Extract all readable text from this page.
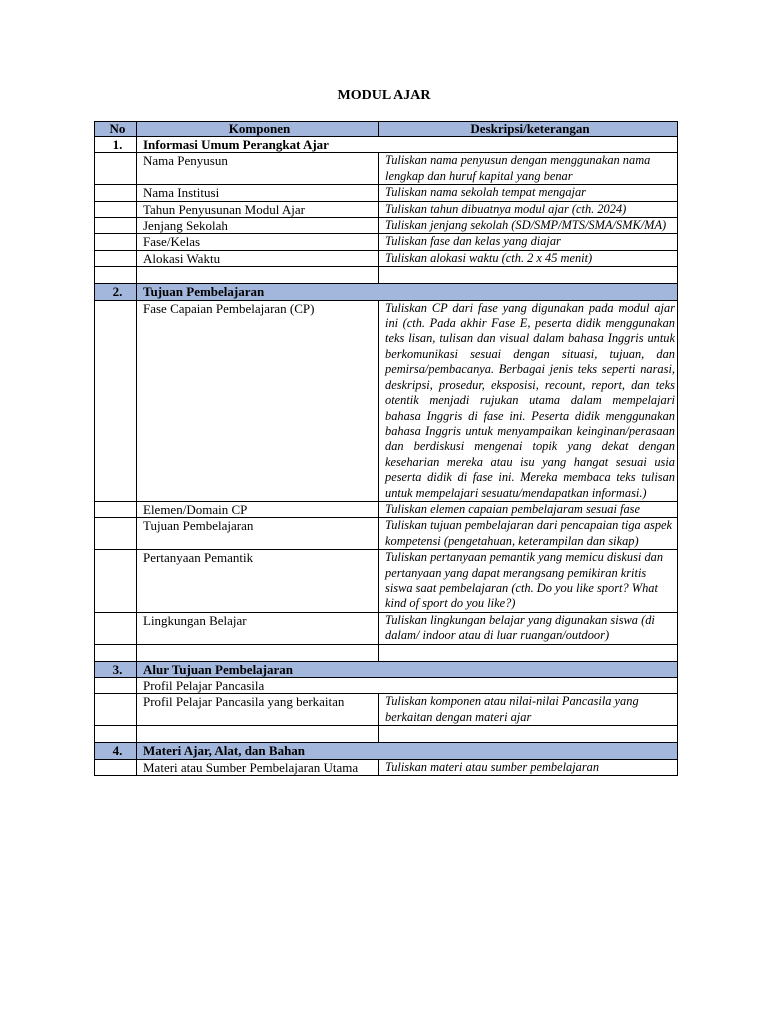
MODUL AJAR
No	Komponen	Deskripsi/keterangan
1.	Informasi Umum Perangkat Ajar	
	Nama Penyusun	Tuliskan nama penyusun dengan menggunakan nama lengkap dan huruf kapital yang benar
	Nama Institusi	Tuliskan nama sekolah tempat mengajar
	Tahun Penyusunan Modul Ajar	Tuliskan tahun dibuatnya modul ajar (cth. 2024)
	Jenjang Sekolah	Tuliskan jenjang sekolah (SD/SMP/MTS/SMA/SMK/MA)
	Fase/Kelas	Tuliskan fase dan kelas yang diajar
	Alokasi Waktu	Tuliskan alokasi waktu (cth. 2 x 45 menit)

2.	Tujuan Pembelajaran	
	Fase Capaian Pembelajaran (CP)	Tuliskan CP dari fase yang digunakan pada modul ajar ini (cth. Pada akhir Fase E, peserta didik menggunakan teks lisan, tulisan dan visual dalam bahasa Inggris untuk berkomunikasi sesuai dengan situasi, tujuan, dan pemirsa/pembacanya. Berbagai jenis teks seperti narasi, deskripsi, prosedur, eksposisi, recount, report, dan teks otentik menjadi rujukan utama dalam mempelajari bahasa Inggris di fase ini. Peserta didik menggunakan bahasa Inggris untuk menyampaikan keinginan/perasaan dan berdiskusi mengenai topik yang dekat dengan keseharian mereka atau isu yang hangat sesuai usia peserta didik di fase ini. Mereka membaca teks tulisan untuk mempelajari sesuatu/mendapatkan informasi.)
	Elemen/Domain CP	Tuliskan elemen capaian pembelajaram sesuai fase
	Tujuan Pembelajaran	Tuliskan tujuan pembelajaran dari pencapaian tiga aspek kompetensi (pengetahuan, keterampilan dan sikap)
	Pertanyaan Pemantik	Tuliskan pertanyaan pemantik yang memicu diskusi dan pertanyaan yang dapat merangsang pemikiran kritis siswa saat pembelajaran (cth. Do you like sport? What kind of sport do you like?)
	Lingkungan Belajar	Tuliskan lingkungan belajar yang digunakan siswa (di dalam/ indoor atau di luar ruangan/outdoor)

3.	Alur Tujuan Pembelajaran	
	Profil Pelajar Pancasila	
	Profil Pelajar Pancasila yang berkaitan	Tuliskan komponen atau nilai-nilai Pancasila yang berkaitan dengan materi ajar

4.	Materi Ajar, Alat, dan Bahan	
	Materi atau Sumber Pembelajaran Utama	Tuliskan materi atau sumber pembelajaran
